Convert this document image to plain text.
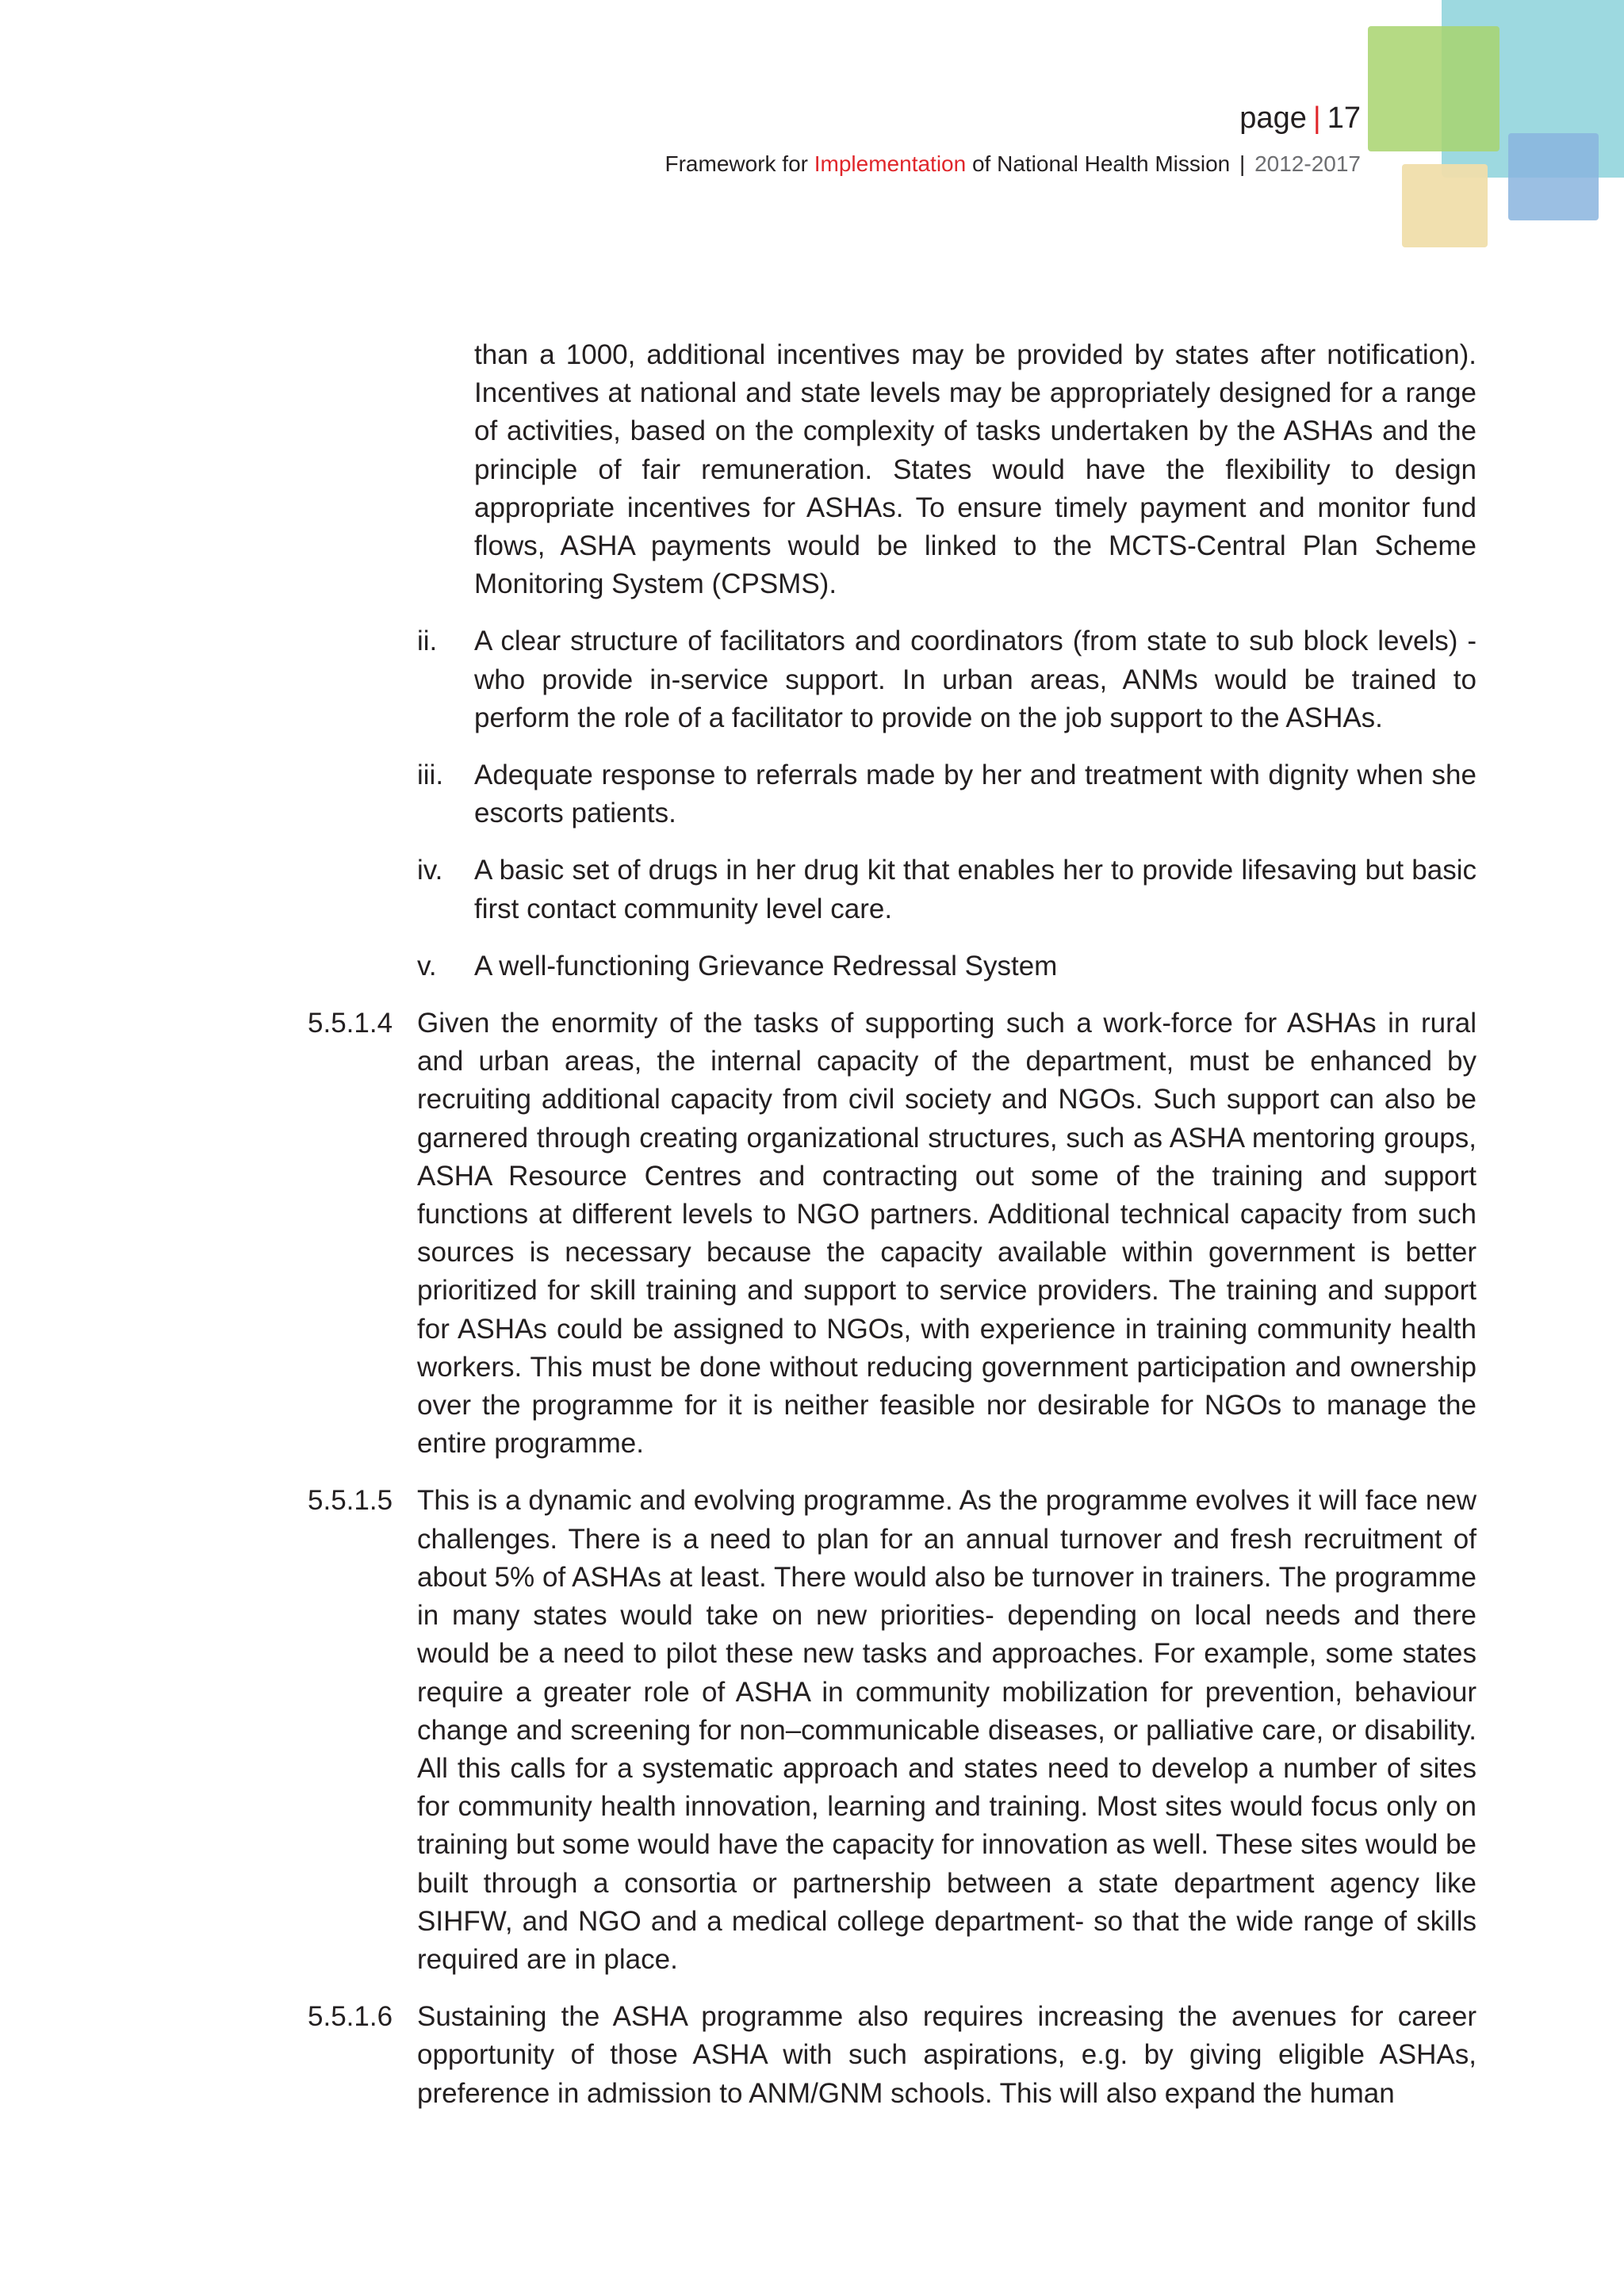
page | 17
Framework for Implementation of National Health Mission | 2012-2017

than a 1000, additional incentives may be provided by states after notification). Incentives at national and state levels may be appropriately designed for a range of activities, based on the complexity of tasks undertaken by the ASHAs and the principle of fair remuneration. States would have the flexibility to design appropriate incentives for ASHAs. To ensure timely payment and monitor fund flows, ASHA payments would be linked to the MCTS-Central Plan Scheme Monitoring System (CPSMS).

ii. A clear structure of facilitators and coordinators (from state to sub block levels) - who provide in-service support. In urban areas, ANMs would be trained to perform the role of a facilitator to provide on the job support to the ASHAs.
iii. Adequate response to referrals made by her and treatment with dignity when she escorts patients.
iv. A basic set of drugs in her drug kit that enables her to provide lifesaving but basic first contact community level care.
v. A well-functioning Grievance Redressal System
5.5.1.4 Given the enormity of the tasks of supporting such a work-force for ASHAs in rural and urban areas, the internal capacity of the department, must be enhanced by recruiting additional capacity from civil society and NGOs. Such support can also be garnered through creating organizational structures, such as ASHA mentoring groups, ASHA Resource Centres and contracting out some of the training and support functions at different levels to NGO partners. Additional technical capacity from such sources is necessary because the capacity available within government is better prioritized for skill training and support to service providers. The training and support for ASHAs could be assigned to NGOs, with experience in training community health workers. This must be done without reducing government participation and ownership over the programme for it is neither feasible nor desirable for NGOs to manage the entire programme.
5.5.1.5 This is a dynamic and evolving programme. As the programme evolves it will face new challenges. There is a need to plan for an annual turnover and fresh recruitment of about 5% of ASHAs at least. There would also be turnover in trainers. The programme in many states would take on new priorities- depending on local needs and there would be a need to pilot these new tasks and approaches. For example, some states require a greater role of ASHA in community mobilization for prevention, behaviour change and screening for non–communicable diseases, or palliative care, or disability. All this calls for a systematic approach and states need to develop a number of sites for community health innovation, learning and training. Most sites would focus only on training but some would have the capacity for innovation as well. These sites would be built through a consortia or partnership between a state department agency like SIHFW, and NGO and a medical college department- so that the wide range of skills required are in place.
5.5.1.6 Sustaining the ASHA programme also requires increasing the avenues for career opportunity of those ASHA with such aspirations, e.g. by giving eligible ASHAs, preference in admission to ANM/GNM schools. This will also expand the human
